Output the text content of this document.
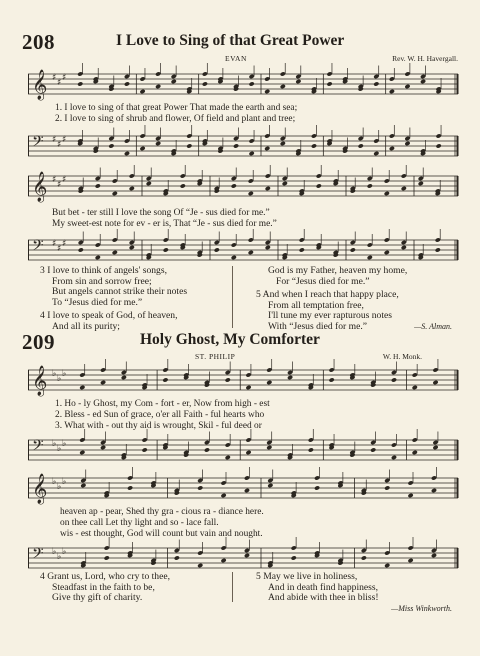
208	I Love to Sing of that Great Power
EVAN	Rev. W. H. Havergall.
𝄞 ♯ ♯ ♯
1. I love to sing of that great Power That made the earth and sea;
2. I love to sing of shrub and flower, Of field and plant and tree;
𝄢 ♯ ♯ ♯
𝄞 ♯ ♯ ♯
But bet - ter still I love the song Of “Je - sus died for me.”
My sweet-est note for ev - er is, That “Je - sus died for me.”
𝄢 ♯ ♯ ♯
3 I love to think of angels' songs,
From sin and sorrow free;
But angels cannot strike their notes
To “Jesus died for me.”
4 I love to speak of God, of heaven,
And all its purity;
God is my Father, heaven my home,
For “Jesus died for me.”
5 And when I reach that happy place,
From all temptation free,
I'll tune my ever rapturous notes
With “Jesus died for me.”	—S. Alman.
209	Holy Ghost, My Comforter
ST. PHILIP	W. H. Monk.
𝄞 ♭ ♭ ♭
1. Ho - ly Ghost, my Com - fort - er, Now from high - est
2. Bless - ed Sun of grace, o'er all Faith - ful hearts who
3. What with - out thy aid is wrought, Skil - ful deed or
𝄢 ♭ ♭ ♭
𝄞 ♭ ♭ ♭
heaven ap - pear, Shed thy gra - cious ra - diance here.
on thee call Let thy light and so - lace fall.
wis - est thought, God will count but vain and nought.
𝄢 ♭ ♭ ♭
4 Grant us, Lord, who cry to thee,
Steadfast in the faith to be,
Give thy gift of charity.
5 May we live in holiness,
And in death find happiness,
And abide with thee in bliss!
—Miss Winkworth.
